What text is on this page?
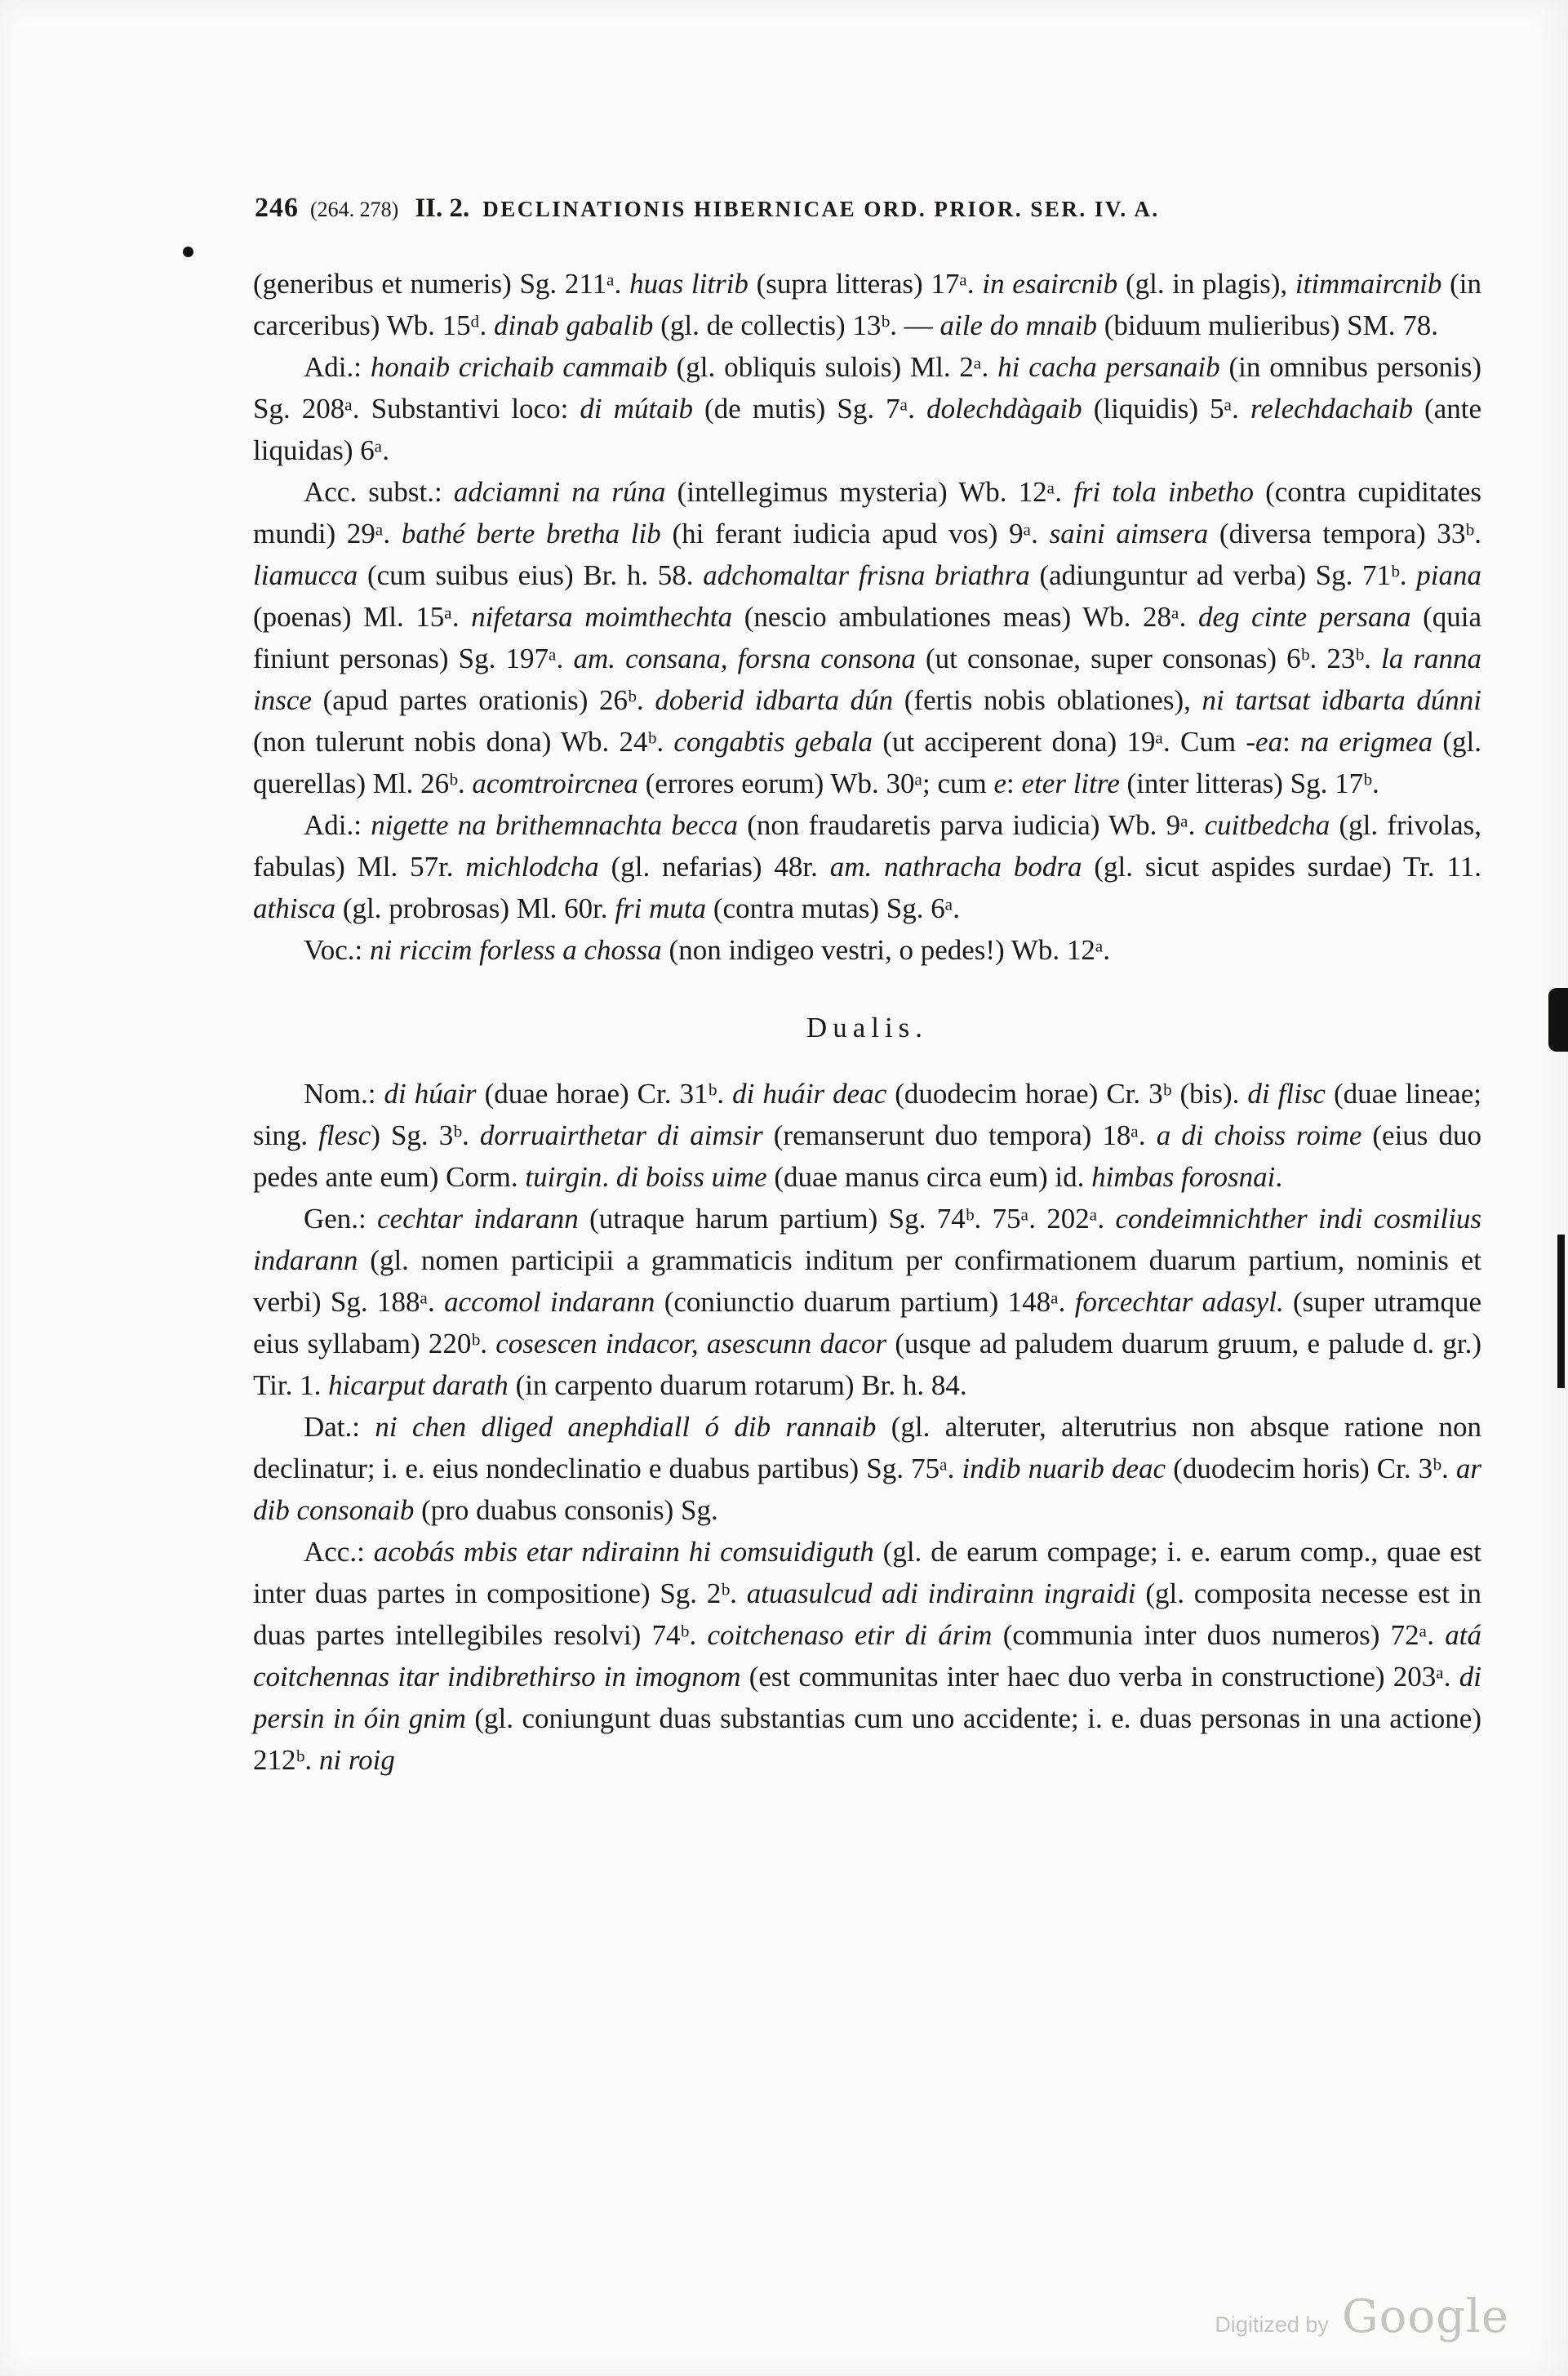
246 (264. 278) II. 2. DECLINATIONIS HIBERNICAE ORD. PRIOR. SER. IV. A.

(generibus et numeris) Sg. 211ᵃ. huas litrib (supra litteras) 17ᵃ. in esaircnib (gl. in plagis), itimmaircnib (in carceribus) Wb. 15ᵈ. dinab gabalib (gl. de collectis) 13ᵇ. — aile do mnaib (biduum mulieribus) SM. 78.

Adi.: honaib crichaib cammaib (gl. obliquis sulois) Ml. 2ᵃ. hi cacha persanaib (in omnibus personis) Sg. 208ᵃ. Substantivi loco: di mútaib (de mutis) Sg. 7ᵃ. dolechdàgaib (liquidis) 5ᵃ. relechdachaib (ante liquidas) 6ᵃ.

Acc. subst.: adciamni na rúna (intellegimus mysteria) Wb. 12ᵃ. fri tola inbetho (contra cupiditates mundi) 29ᵃ. bathé berte bretha lib (hi ferant iudicia apud vos) 9ᵃ. saini aimsera (diversa tempora) 33ᵇ. liamucca (cum suibus eius) Br. h. 58. adchomaltar frisna briathra (adiunguntur ad verba) Sg. 71ᵇ. piana (poenas) Ml. 15ᵃ. nifetarsa moimthechta (nescio ambulationes meas) Wb. 28ᵃ. deg cinte persana (quia finiunt personas) Sg. 197ᵃ. am. consana, forsna consona (ut consonae, super consonas) 6ᵇ. 23ᵇ. la ranna insce (apud partes orationis) 26ᵇ. doberid idbarta dún (fertis nobis oblationes), ni tartsat idbarta dúnni (non tulerunt nobis dona) Wb. 24ᵇ. congabtis gebala (ut acciperent dona) 19ᵃ. Cum -ea: na erigmea (gl. querellas) Ml. 26ᵇ. acomtroircnea (errores eorum) Wb. 30ᵃ; cum e: eter litre (inter litteras) Sg. 17ᵇ.

Adi.: nigette na brithemnachta becca (non fraudaretis parva iudicia) Wb. 9ᵃ. cuitbedcha (gl. frivolas, fabulas) Ml. 57r. michlodcha (gl. nefarias) 48r. am. nathracha bodra (gl. sicut aspides surdae) Tr. 11. athisca (gl. probrosas) Ml. 60r. fri muta (contra mutas) Sg. 6ᵃ.

Voc.: ni riccim forless a chossa (non indigeo vestri, o pedes!) Wb. 12ᵃ.

Dualis.

Nom.: di húair (duae horae) Cr. 31ᵇ. di huáir deac (duodecim horae) Cr. 3ᵇ (bis). di flisc (duae lineae; sing. flesc) Sg. 3ᵇ. dorruairthetar di aimsir (remanserunt duo tempora) 18ᵃ. a di choiss roime (eius duo pedes ante eum) Corm. tuirgin. di boiss uime (duae manus circa eum) id. himbas forosnai.

Gen.: cechtar indarann (utraque harum partium) Sg. 74ᵇ. 75ᵃ. 202ᵃ. condeimnichther indi cosmilius indarann (gl. nomen participii a grammaticis inditum per confirmationem duarum partium, nominis et verbi) Sg. 188ᵃ. accomol indarann (coniunctio duarum partium) 148ᵃ. forcechtar adasyl. (super utramque eius syllabam) 220ᵇ. cosescen indacor, asescunn dacor (usque ad paludem duarum gruum, e palude d. gr.) Tir. 1. hicarput darath (in carpento duarum rotarum) Br. h. 84.

Dat.: ni chen dliged anephdiall ó dib rannaib (gl. alteruter, alterutrius non absque ratione non declinatur; i. e. eius nondeclinatio e duabus partibus) Sg. 75ᵃ. indib nuarib deac (duodecim horis) Cr. 3ᵇ. ar dib consonaib (pro duabus consonis) Sg.

Acc.: acobás mbis etar ndirainn hi comsuidiguth (gl. de earum compage; i. e. earum comp., quae est inter duas partes in compositione) Sg. 2ᵇ. atuasulcud adi indirainn ingraidi (gl. composita necesse est in duas partes intellegibiles resolvi) 74ᵇ. coitchenaso etir di árim (communia inter duos numeros) 72ᵃ. atá coitchennas itar indibrethirso in imognom (est communitas inter haec duo verba in constructione) 203ᵃ. di persin in óin gnim (gl. coniungunt duas substantias cum uno accidente; i. e. duas personas in una actione) 212ᵇ. ni roig

Digitized by Google
